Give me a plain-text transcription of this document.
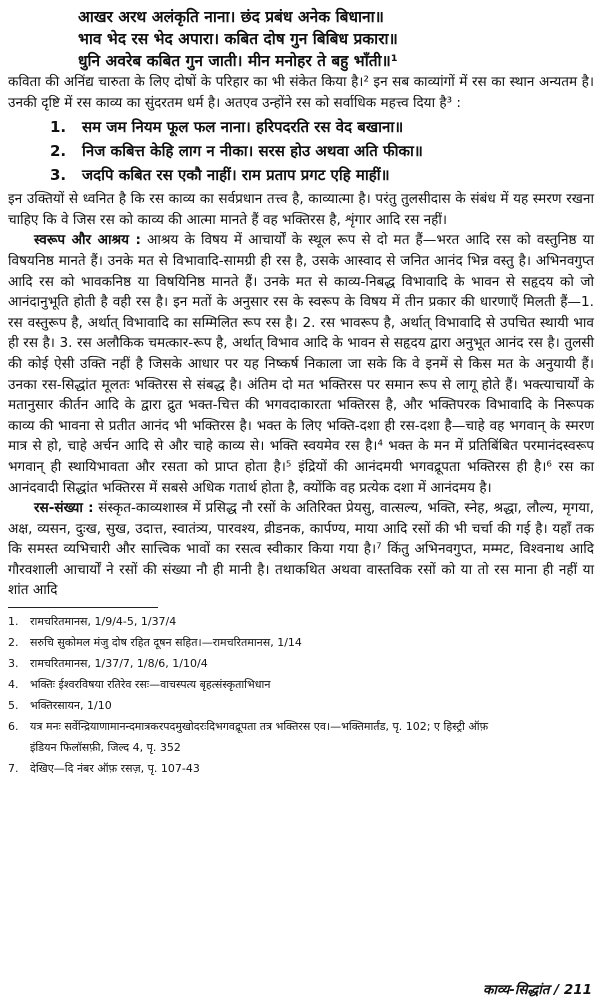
आखर अरथ अलंकृति नाना। छंद प्रबंध अनेक बिधाना॥

भाव भेद रस भेद अपारा। कबित दोष गुन बिबिध प्रकारा॥

धुनि अवरेब कबित गुन जाती। मीन मनोहर ते बहु भाँती॥¹

कविता की अनिंद्य चारुता के लिए दोषों के परिहार का भी संकेत किया है।² इन सब काव्यांगों में रस का स्थान अन्यतम है। उनकी दृष्टि में रस काव्य का सुंदरतम धर्म है। अतएव उन्होंने रस को सर्वाधिक महत्त्व दिया है³ :

1. सम जम नियम फूल फल नाना। हरिपदरति रस वेद बखाना॥
2. निज कबित्त केहि लाग न नीका। सरस होउ अथवा अति फीका॥
3. जदपि कबित रस एकौ नाहीं। राम प्रताप प्रगट एहि माहीं॥

इन उक्तियों से ध्वनित है कि रस काव्य का सर्वप्रधान तत्त्व है, काव्यात्मा है। परंतु तुलसीदास के संबंध में यह स्मरण रखना चाहिए कि वे जिस रस को काव्य की आत्मा मानते हैं वह भक्तिरस है, शृंगार आदि रस नहीं।

स्वरूप और आश्रय : आश्रय के विषय में आचार्यों के स्थूल रूप से दो मत हैं—भरत आदि रस को वस्तुनिष्ठ या विषयनिष्ठ मानते हैं। उनके मत से विभावादि-सामग्री ही रस है, उसके आस्वाद से जनित आनंद भिन्न वस्तु है। अभिनवगुप्त आदि रस को भावकनिष्ठ या विषयिनिष्ठ मानते हैं। उनके मत से काव्य-निबद्ध विभावादि के भावन से सहृदय को जो आनंदानुभूति होती है वही रस है। इन मतों के अनुसार रस के स्वरूप के विषय में तीन प्रकार की धारणाएँ मिलती हैं—1. रस वस्तुरूप है, अर्थात् विभावादि का सम्मिलित रूप रस है। 2. रस भावरूप है, अर्थात् विभावादि से उपचित स्थायी भाव ही रस है। 3. रस अलौकिक चमत्कार-रूप है, अर्थात् विभाव आदि के भावन से सहृदय द्वारा अनुभूत आनंद रस है। तुलसी की कोई ऐसी उक्ति नहीं है जिसके आधार पर यह निष्कर्ष निकाला जा सके कि वे इनमें से किस मत के अनुयायी हैं। उनका रस-सिद्धांत मूलतः भक्तिरस से संबद्ध है। अंतिम दो मत भक्तिरस पर समान रूप से लागू होते हैं। भक्त्याचार्यों के मतानुसार कीर्तन आदि के द्वारा द्रुत भक्त-चित्त की भगवदाकारता भक्तिरस है, और भक्तिपरक विभावादि के निरूपक काव्य की भावना से प्रतीत आनंद भी भक्तिरस है। भक्त के लिए भक्ति-दशा ही रस-दशा है—चाहे वह भगवान् के स्मरण मात्र से हो, चाहे अर्चन आदि से और चाहे काव्य से। भक्ति स्वयमेव रस है।⁴ भक्त के मन में प्रतिबिंबित परमानंदस्वरूप भगवान् ही स्थायिभावता और रसता को प्राप्त होता है।⁵ इंद्रियों की आनंदमयी भगवद्रूपता भक्तिरस ही है।⁶ रस का आनंदवादी सिद्धांत भक्तिरस में सबसे अधिक गतार्थ होता है, क्योंकि वह प्रत्येक दशा में आनंदमय है।

रस-संख्या : संस्कृत-काव्यशास्त्र में प्रसिद्ध नौ रसों के अतिरिक्त प्रेयसु, वात्सल्य, भक्ति, स्नेह, श्रद्धा, लौल्य, मृगया, अक्ष, व्यसन, दुःख, सुख, उदात्त, स्वातंत्र्य, पारवश्य, व्रीडनक, कार्पण्य, माया आदि रसों की भी चर्चा की गई है। यहाँ तक कि समस्त व्यभिचारी और सात्त्विक भावों का रसत्व स्वीकार किया गया है।⁷ किंतु अभिनवगुप्त, मम्मट, विश्वनाथ आदि गौरवशाली आचार्यों ने रसों की संख्या नौ ही मानी है। तथाकथित अथवा वास्तविक रसों को या तो रस माना ही नहीं या शांत आदि

1. रामचरितमानस, 1/9/4-5, 1/37/4

2. सरुचि सुकोमल मंजु दोष रहित दूषन सहित।—रामचरितमानस, 1/14

3. रामचरितमानस, 1/37/7, 1/8/6, 1/10/4

4. भक्तिः ईश्वरविषया रतिरेव रसः—वाचस्पत्य बृहत्संस्कृताभिधान

5. भक्तिरसायन, 1/10

6. यत्र मनः सर्वेन्द्रियाणामानन्दमात्रकरपदमुखोदरःदिभगवद्रूपता तत्र भक्तिरस एव।—भक्तिमार्तंड, पृ. 102; ए हिस्ट्री ऑफ़
इंडियन फिलॉसफ़ी, जिल्द 4, पृ. 352

7. देखिए—दि नंबर ऑफ़ रसज़, पृ. 107-43

काव्य-सिद्धांत / 211
